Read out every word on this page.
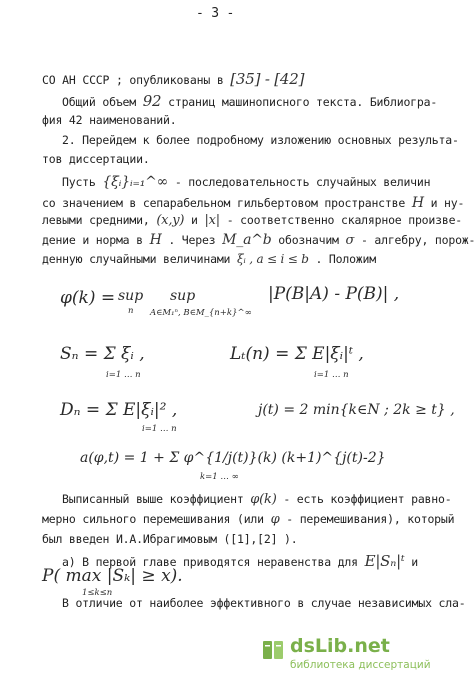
- 3 -
СО АН СССР ; опубликованы в [35] - [42]
Общий объем 92 страниц машинописного текста. Библиогра-
фия 42 наименований.
2. Перейдем к более подробному изложению основных результа-
тов диссертации.
Пусть {ξᵢ}ᵢ₌₁^∞ - последовательность случайных величин
со значением в сепарабельном гильбертовом пространстве H и ну-
левыми средними, (x,y) и |x| - соответственно скалярное произве-
дение и норма в H . Через M_a^b обозначим σ - алгебру, порож-
денную случайными величинами ξᵢ , a ≤ i ≤ b . Положим
φ(k) = sup
n
sup
A∈M₁ⁿ, B∈M_{n+k}^∞
|P(B|A) - P(B)| ,
Sₙ = Σ ξᵢ ,
i=1 … n
Lₜ(n) = Σ E|ξᵢ|ᵗ ,
i=1 … n
Dₙ = Σ E|ξᵢ|² ,
i=1 … n
j(t) = 2 min{k∈N ; 2k ≥ t} ,
a(φ,t) = 1 + Σ φ^{1/j(t)}(k) (k+1)^{j(t)-2}
k=1 … ∞
Выписанный выше коэффициент φ(k) - есть коэффициент равно-
мерно сильного перемешивания (или φ - перемешивания), который
был введен И.А.Ибрагимовым ([1],[2] ).
а) В первой главе приводятся неравенства для E|Sₙ|ᵗ и
P( max |Sₖ| ≥ x).
1≤k≤n
В отличие от наиболее эффективного в случае независимых сла-
dsLib.net
библиотека диссертаций
